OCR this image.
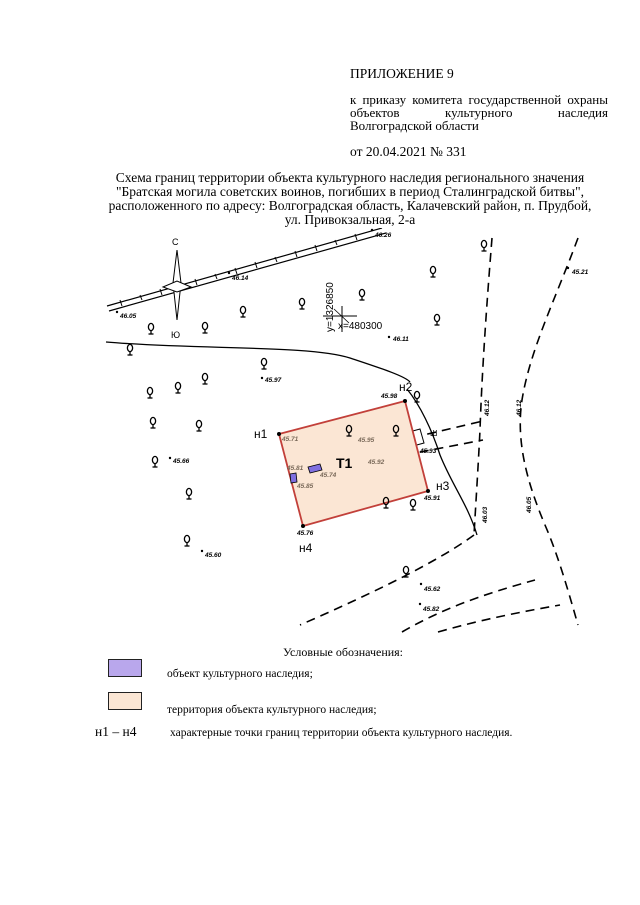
ПРИЛОЖЕНИЕ 9
к приказу комитета государственной охраны объектов культурного наследия Волгоградской области
от 20.04.2021 № 331
Схема границ территории объекта культурного наследия регионального значения "Братская могила советских воинов, погибших в период Сталинградской битвы", расположенного по адресу: Волгоградская область, Калачевский район, п. Прудбой, ул. Привокзальная, 2-а
С
Ю
x=480300
y=1326850
Ш
Т1
н1
н2
н3
н4
46.26
46.14
46.05
45.21
46.11
45.97
45.98
46.12	46.12
45.71	45.95
45.92
45.93
45.66
45.81
45.74
45.85
45.91
46.03
46.05
45.76
45.60
45.62
45.82
Условные обозначения:
объект культурного наследия;
территория объекта культурного наследия;
н1 – н4	характерные точки границ территории объекта культурного наследия.
